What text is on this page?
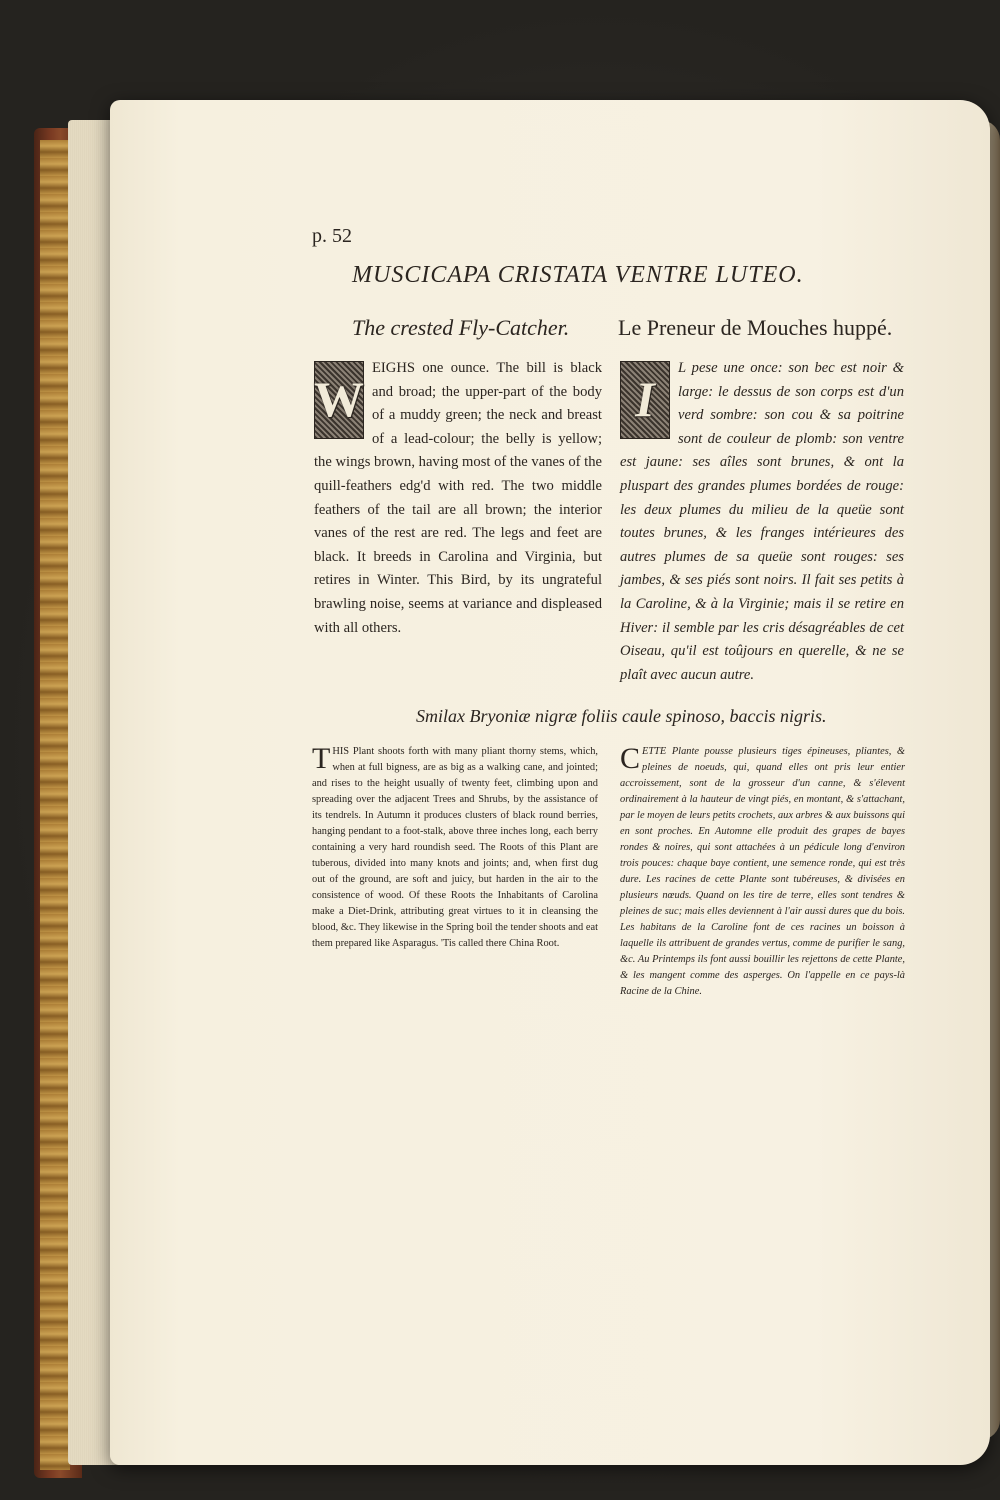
p. 52
MUSCICAPA CRISTATA VENTRE LUTEO.
The crested Fly-Catcher. Le Preneur de Mouches huppé.
W
EIGHS one ounce. The bill is black and broad; the upper-part of the body of a muddy green; the neck and breast of a lead-colour; the belly is yellow; the wings brown, having most of the vanes of the quill-feathers edg'd with red. The two middle feathers of the tail are all brown; the interior vanes of the rest are red. The legs and feet are black. It breeds in Carolina and Virginia, but retires in Winter. This Bird, by its ungrateful brawling noise, seems at variance and displeased with all others.
I
L pese une once: son bec est noir & large: le dessus de son corps est d'un verd sombre: son cou & sa poitrine sont de couleur de plomb: son ventre est jaune: ses aîles sont brunes, & ont la pluspart des grandes plumes bordées de rouge: les deux plumes du milieu de la queüe sont toutes brunes, & les franges intérieures des autres plumes de sa queüe sont rouges: ses jambes, & ses piés sont noirs. Il fait ses petits à la Caroline, & à la Virginie; mais il se retire en Hiver: il semble par les cris désagréables de cet Oiseau, qu'il est toûjours en querelle, & ne se plaît avec aucun autre.
Smilax Bryoniæ nigræ foliis caule spinoso, baccis nigris.
T HIS Plant shoots forth with many pliant thorny stems, which, when at full bigness, are as big as a walking cane, and jointed; and rises to the height usually of twenty feet, climbing upon and spreading over the adjacent Trees and Shrubs, by the assistance of its tendrels. In Autumn it produces clusters of black round berries, hanging pendant to a foot-stalk, above three inches long, each berry containing a very hard roundish seed. The Roots of this Plant are tuberous, divided into many knots and joints; and, when first dug out of the ground, are soft and juicy, but harden in the air to the consistence of wood. Of these Roots the Inhabitants of Carolina make a Diet-Drink, attributing great virtues to it in cleansing the blood, &c. They likewise in the Spring boil the tender shoots and eat them prepared like Asparagus. 'Tis called there China Root.
C ETTE Plante pousse plusieurs tiges épineuses, pliantes, & pleines de noeuds, qui, quand elles ont pris leur entier accroissement, sont de la grosseur d'un canne, & s'élevent ordinairement à la hauteur de vingt piés, en montant, & s'attachant, par le moyen de leurs petits crochets, aux arbres & aux buissons qui en sont proches. En Automne elle produit des grapes de bayes rondes & noires, qui sont attachées à un pédicule long d'environ trois pouces: chaque baye contient, une semence ronde, qui est très dure. Les racines de cette Plante sont tubéreuses, & divisées en plusieurs nœuds. Quand on les tire de terre, elles sont tendres & pleines de suc; mais elles deviennent à l'air aussi dures que du bois. Les habitans de la Caroline font de ces racines un boisson à laquelle ils attribuent de grandes vertus, comme de purifier le sang, &c. Au Printemps ils font aussi bouillir les rejettons de cette Plante, & les mangent comme des asperges. On l'appelle en ce pays-là Racine de la Chine.
